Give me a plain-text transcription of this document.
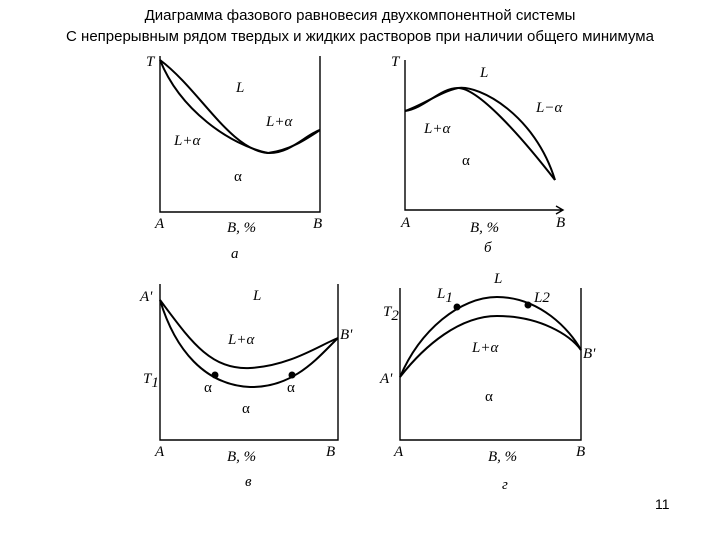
Диаграмма фазового равновесия двухкомпонентной системы
С непрерывным рядом твердых и жидких растворов при наличии общего минимума
T
L
L+α
L+α
α
A	B, %	B
а
T
L
L+α
L−α
α
A	B, %	B
б
A'
B'
T1
L
L+α
α	α
α
A	B, %	B
в
T2
L1	L2
L
L+α
α
A'
B'
A	B, %	B
г
11
